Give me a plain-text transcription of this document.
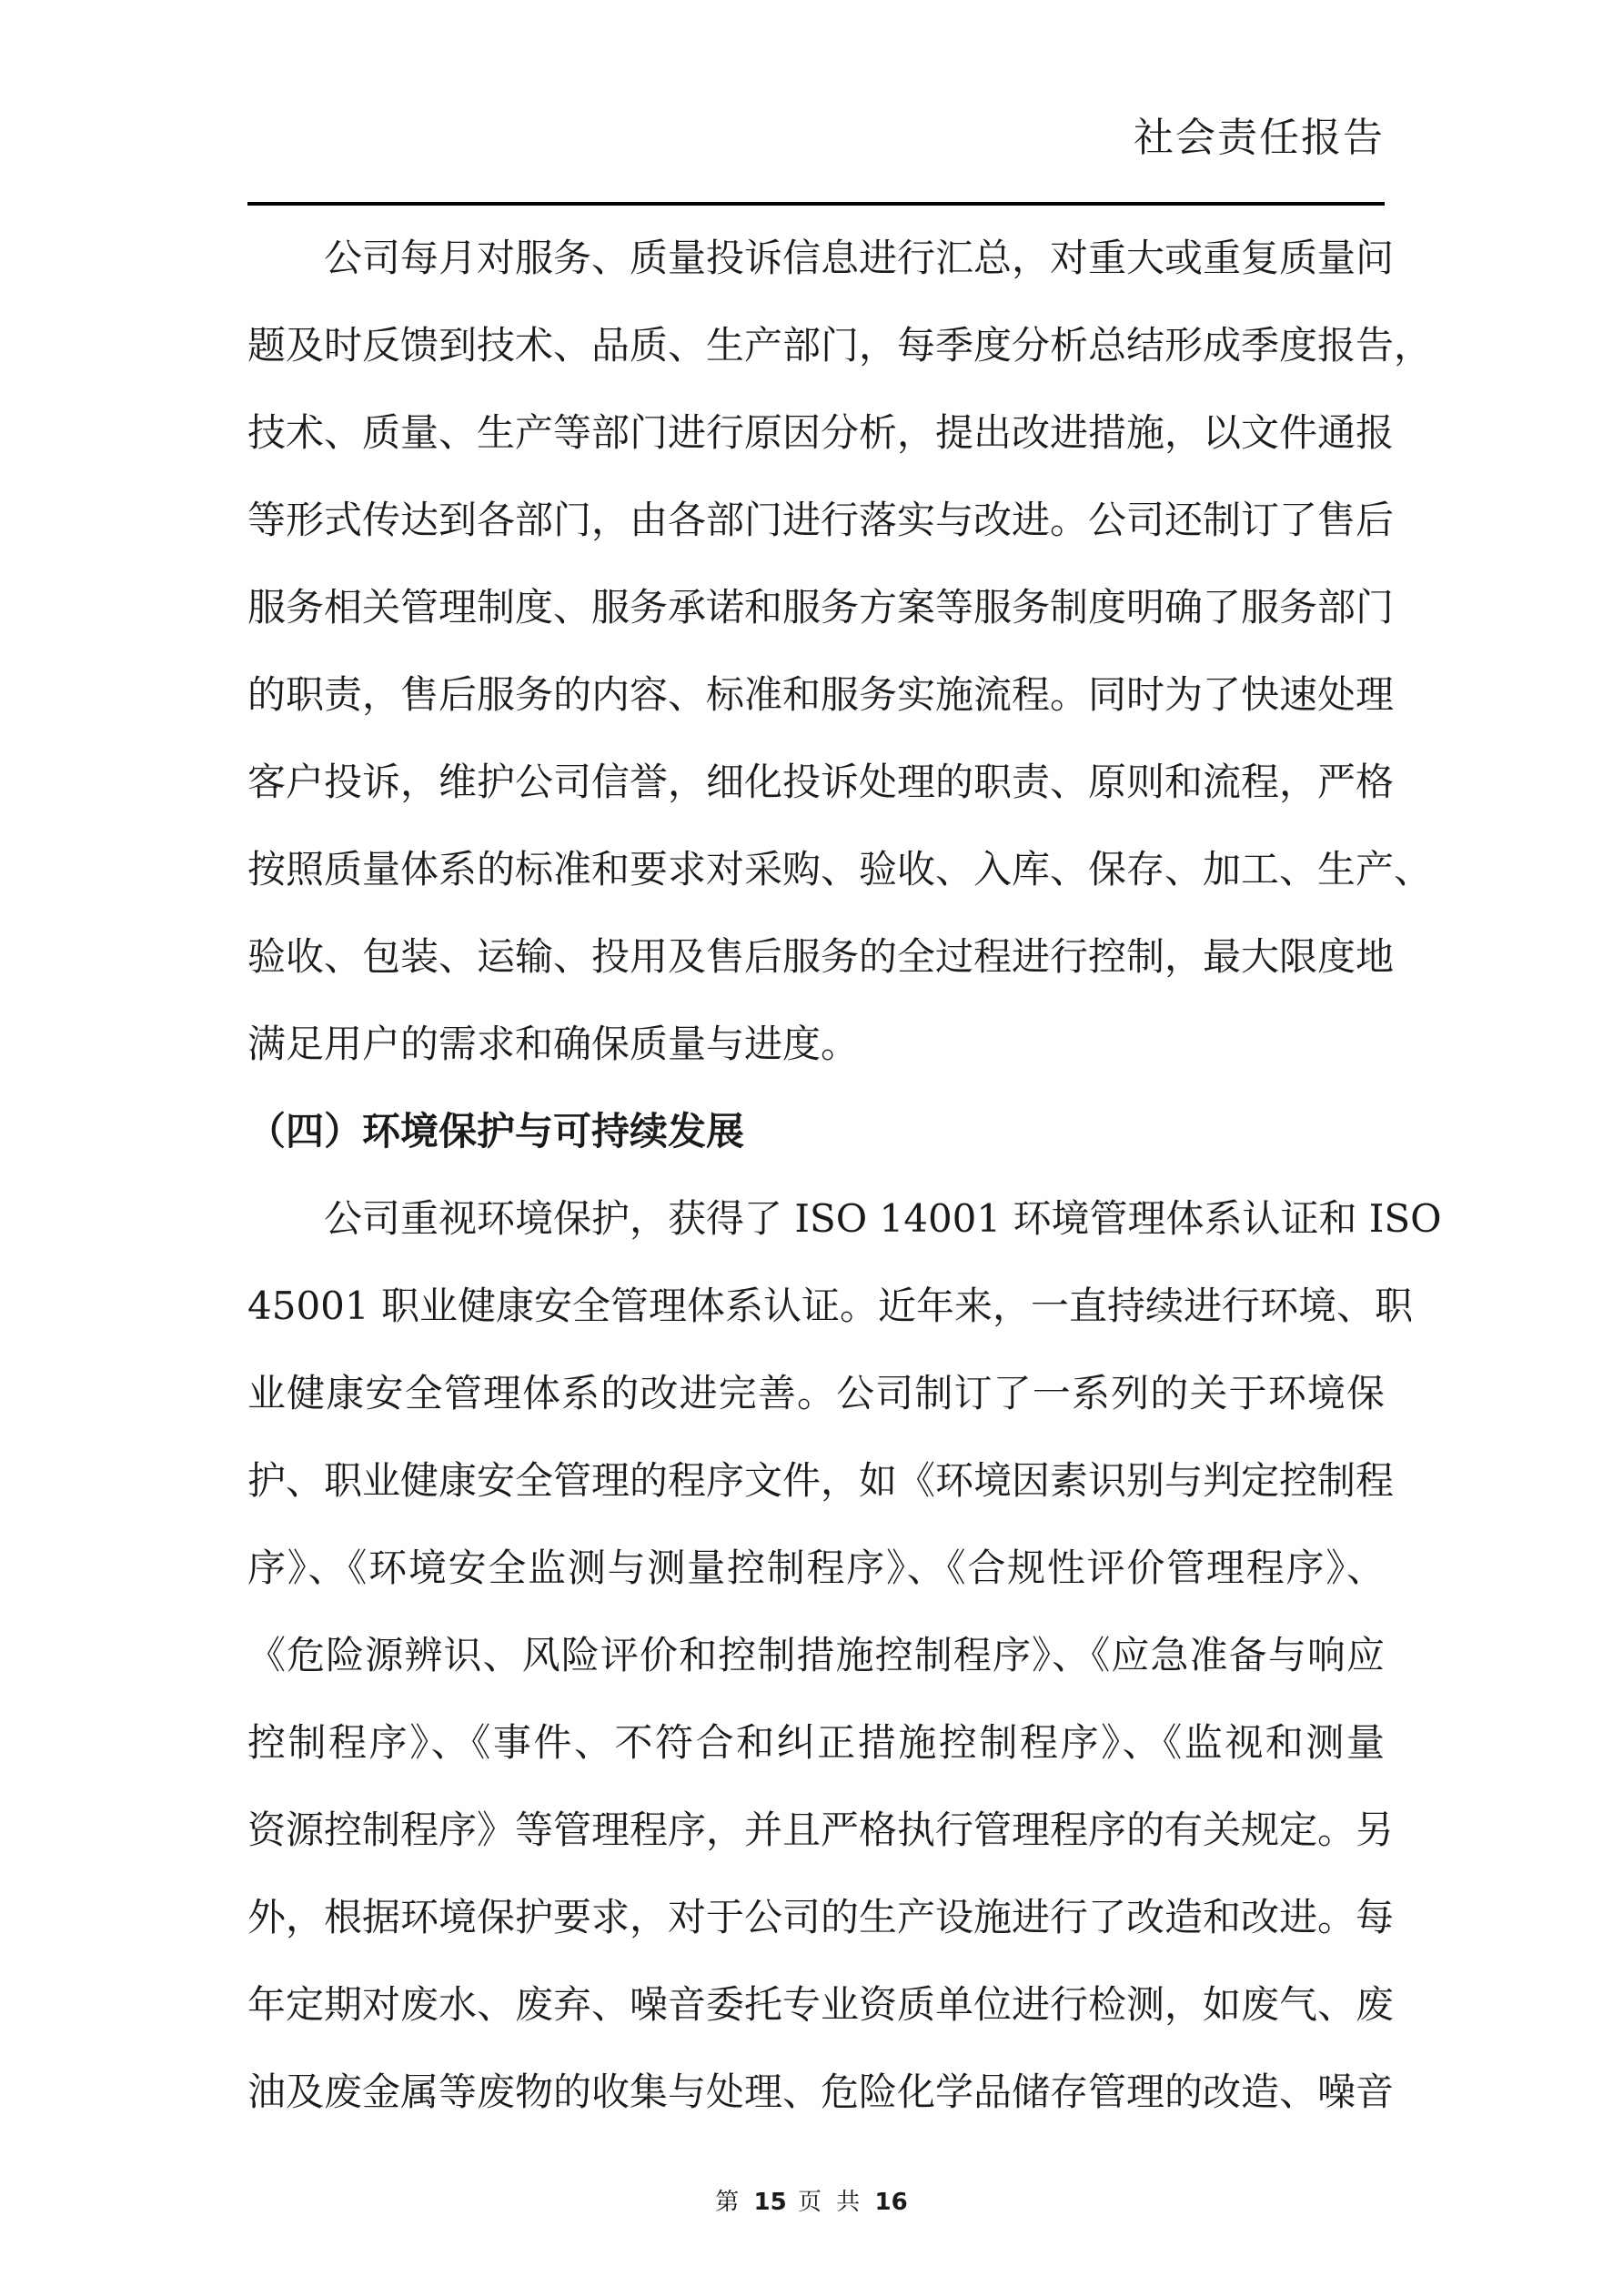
社会责任报告
公司每月对服务、质量投诉信息进行汇总，对重大或重复质量问
题及时反馈到技术、品质、生产部门，每季度分析总结形成季度报告，
技术、质量、生产等部门进行原因分析，提出改进措施，以文件通报
等形式传达到各部门，由各部门进行落实与改进。公司还制订了售后
服务相关管理制度、服务承诺和服务方案等服务制度明确了服务部门
的职责，售后服务的内容、标准和服务实施流程。同时为了快速处理
客户投诉，维护公司信誉，细化投诉处理的职责、原则和流程，严格
按照质量体系的标准和要求对采购、验收、入库、保存、加工、生产、
验收、包装、运输、投用及售后服务的全过程进行控制，最大限度地
满足用户的需求和确保质量与进度。
（四）环境保护与可持续发展
公司重视环境保护，获得了 ISO 14001 环境管理体系认证和 ISO
45001 职业健康安全管理体系认证。近年来，一直持续进行环境、职
业健康安全管理体系的改进完善。公司制订了一系列的关于环境保
护、职业健康安全管理的程序文件，如《环境因素识别与判定控制程
序》、《环境安全监测与测量控制程序》、《合规性评价管理程序》、
《危险源辨识、风险评价和控制措施控制程序》、《应急准备与响应
控制程序》、《事件、不符合和纠正措施控制程序》、《监视和测量
资源控制程序》等管理程序，并且严格执行管理程序的有关规定。另
外，根据环境保护要求，对于公司的生产设施进行了改造和改进。每
年定期对废水、废弃、噪音委托专业资质单位进行检测，如废气、废
油及废金属等废物的收集与处理、危险化学品储存管理的改造、噪音
第 15 页 共 16
